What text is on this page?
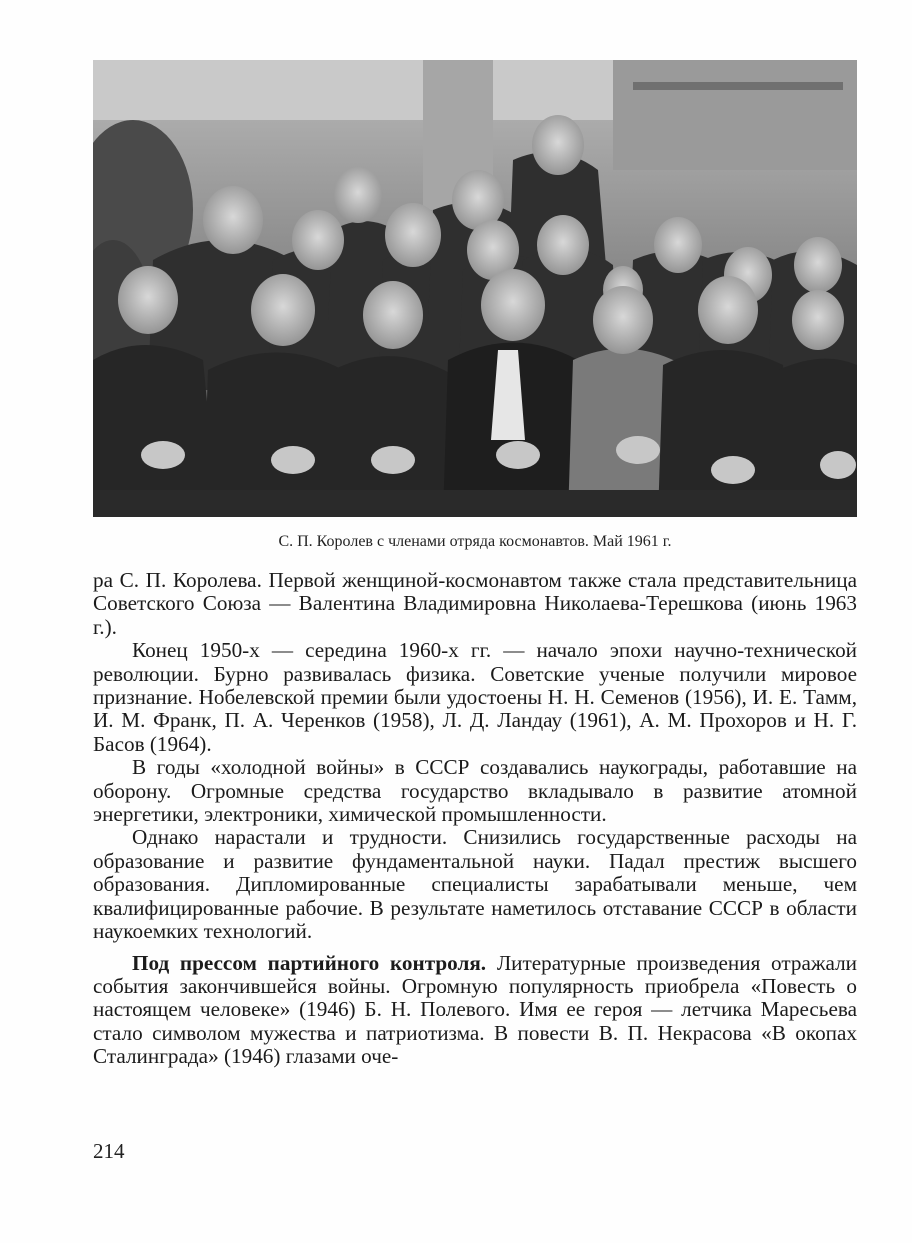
С. П. Королев с членами отряда космонавтов. Май 1961 г.

ра С. П. Королева. Первой женщиной-космонавтом также стала представительница Советского Союза — Валентина Владимировна Николаева-Терешкова (июнь 1963 г.).

Конец 1950-х — середина 1960-х гг. — начало эпохи научно-технической революции. Бурно развивалась физика. Советские ученые получили мировое признание. Нобелевской премии были удостоены Н. Н. Семенов (1956), И. Е. Тамм, И. М. Франк, П. А. Черенков (1958), Л. Д. Ландау (1961), А. М. Прохоров и Н. Г. Басов (1964).

В годы «холодной войны» в СССР создавались наукограды, работавшие на оборону. Огромные средства государство вкладывало в развитие атомной энергетики, электроники, химической промышленности.

Однако нарастали и трудности. Снизились государственные расходы на образование и развитие фундаментальной науки. Падал престиж высшего образования. Дипломированные специалисты зарабатывали меньше, чем квалифицированные рабочие. В результате наметилось отставание СССР в области наукоемких технологий.

Под прессом партийного контроля. Литературные произведения отражали события закончившейся войны. Огромную популярность приобрела «Повесть о настоящем человеке» (1946) Б. Н. Полевого. Имя ее героя — летчика Маресьева стало символом мужества и патриотизма. В повести В. П. Некрасова «В окопах Сталинграда» (1946) глазами оче-

214
